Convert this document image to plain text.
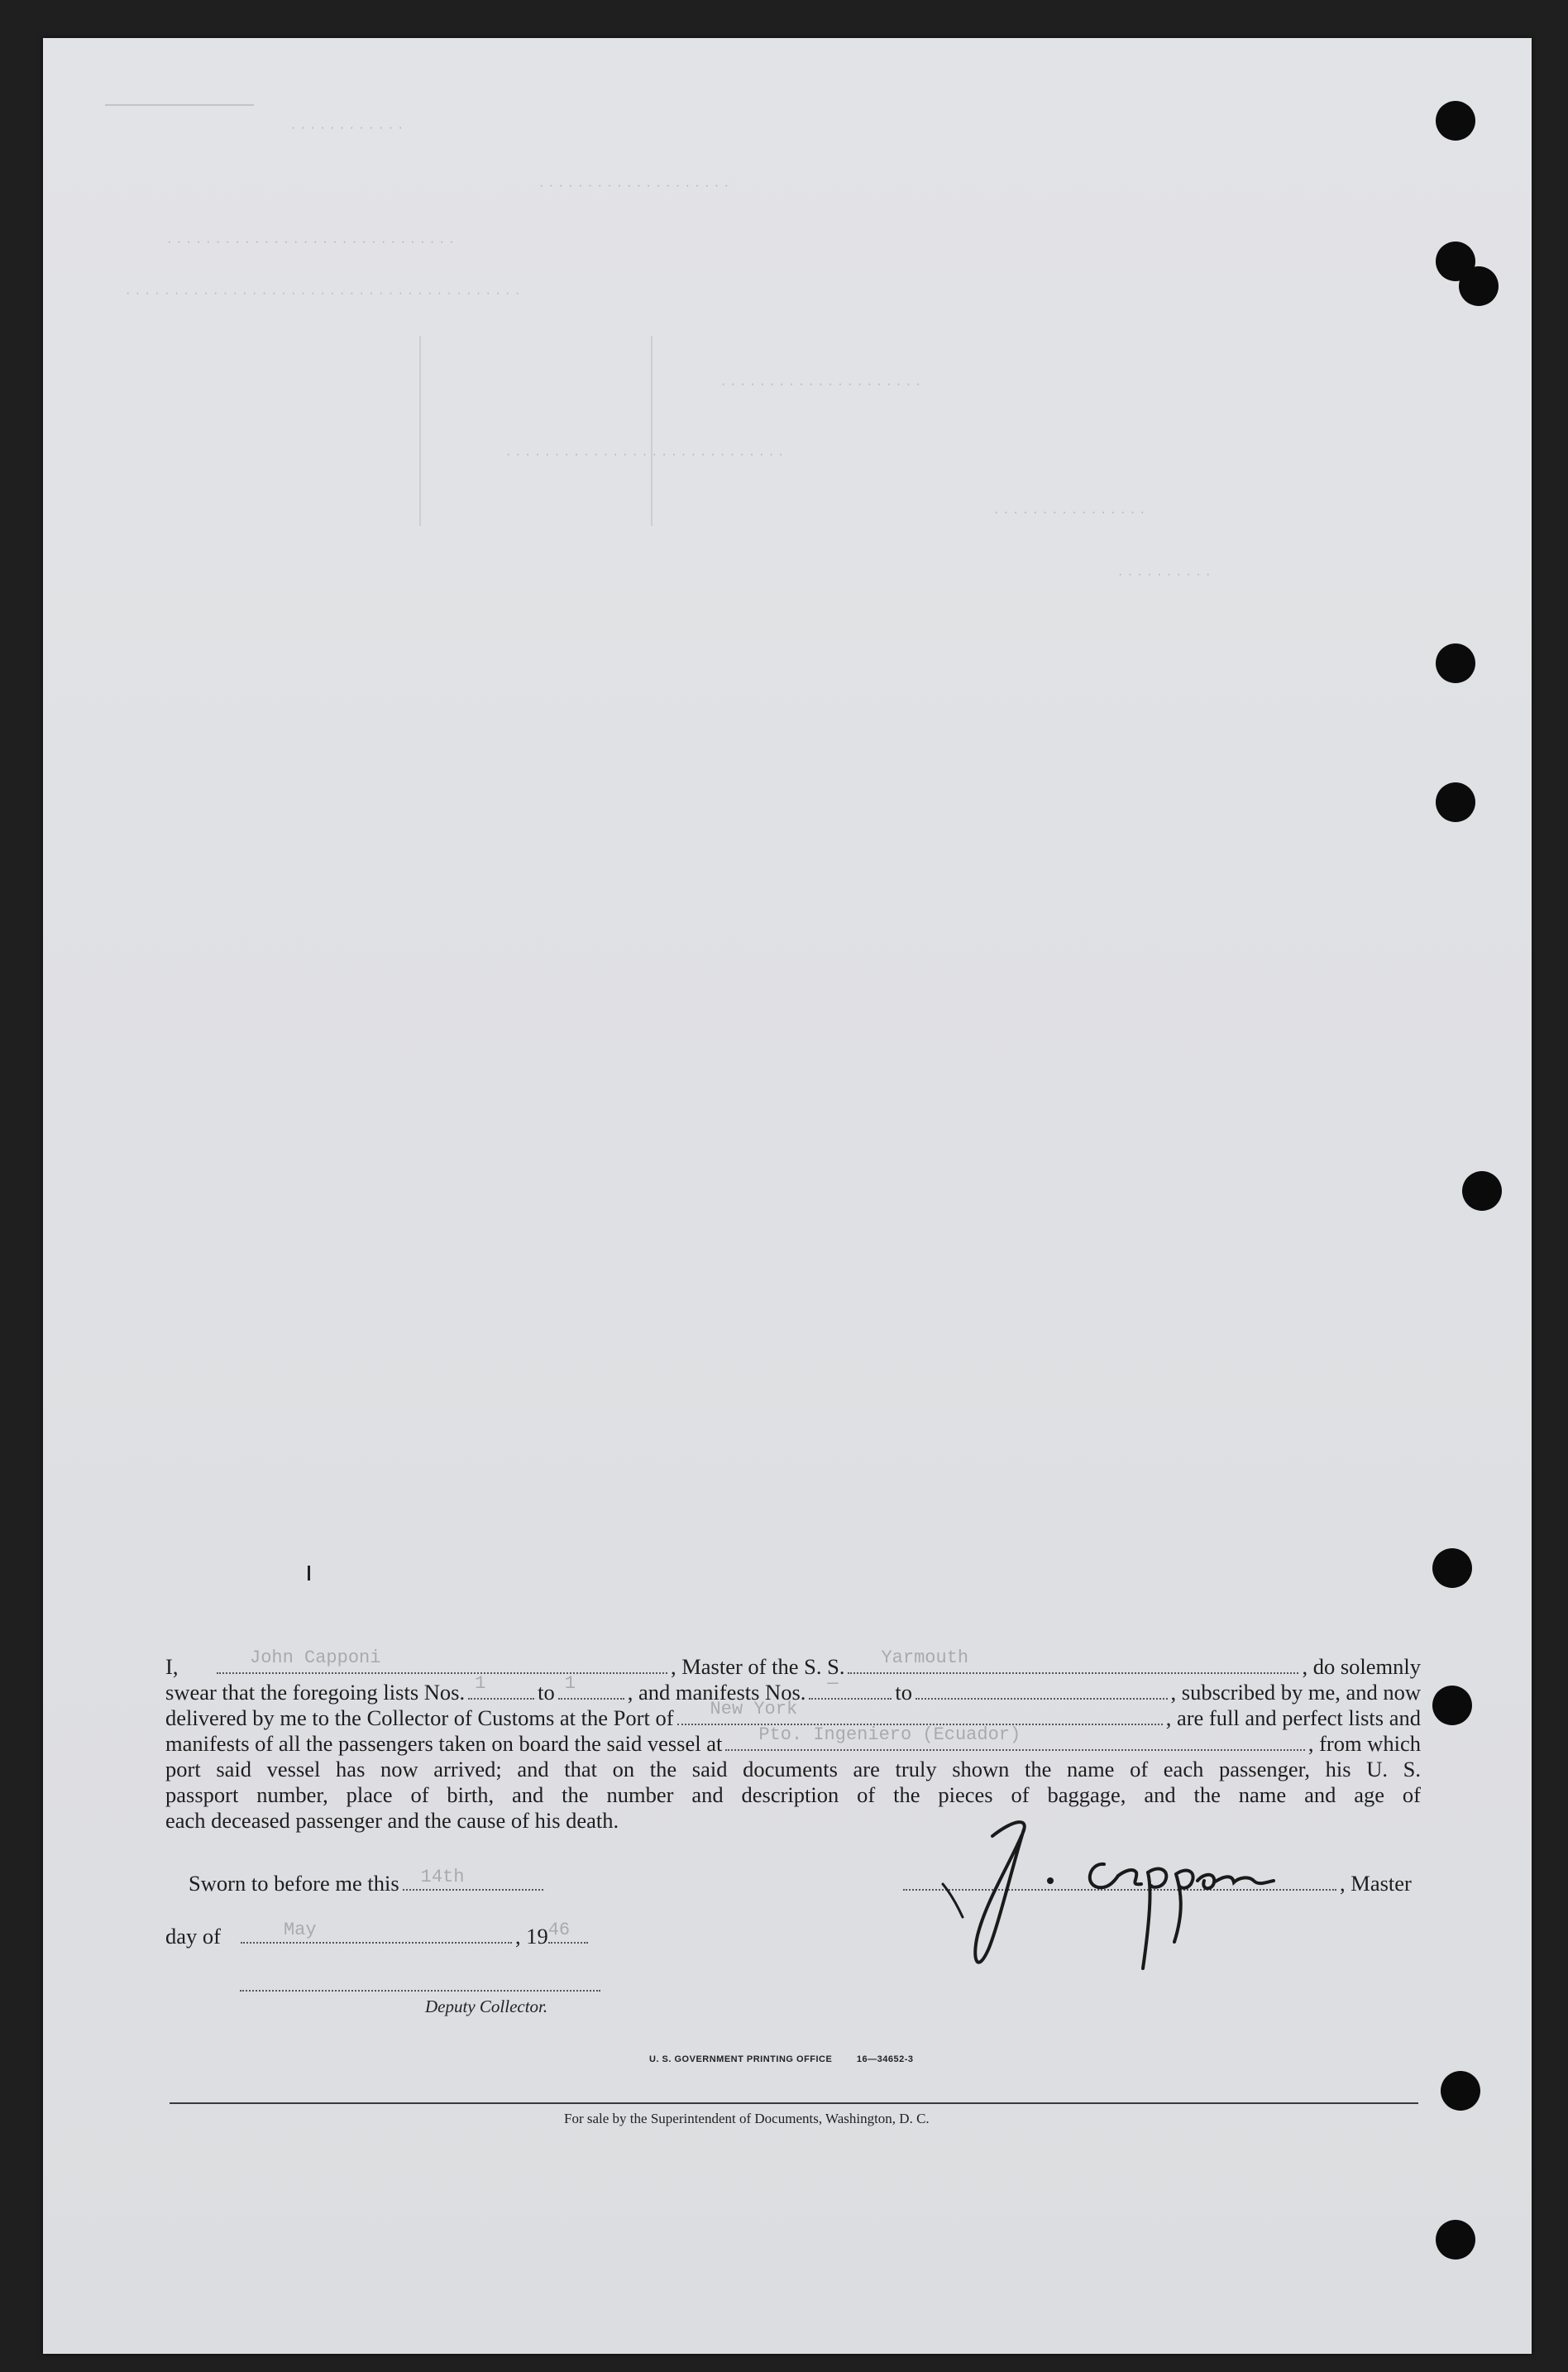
· · · · · · · · · · · ·
· · · · · · · · · · · · · · · · · · · ·
· · · · · · · · · · · · · · · · · · · · · · · · · · · · · ·
· · · · · · · · · · · · · · · · · · · · · · · · · · · · · · · · · · · · · · · · ·
· · · · · · · · · · · · · · · · · · · · ·
· · · · · · · · · · · · · · · · · · · · · · · · · · · · ·
· · · · · · · · · · · · · · · ·
· · · · · · · · · ·
I,	John Capponi	, Master of the S. S. Yarmouth	, do solemnly
swear that the foregoing lists Nos. 1 to 1 , and manifests Nos. —	to	, subscribed by me, and now
delivered by me to the Collector of Customs at the Port of New York	, are full and perfect lists and
manifests of all the passengers taken on board the said vessel at Pto. Ingeniero (Ecuador)	, from which
port said vessel has now arrived; and that on the said documents are truly shown the name of each passenger, his U. S.
passport number, place of birth, and the number and description of the pieces of baggage, and the name and age of
each deceased passenger and the cause of his death.
Sworn to before me this 14th
day of	May	, 19 46
Deputy Collector.
, Master
U. S. GOVERNMENT PRINTING OFFICE	16—34652-3
For sale by the Superintendent of Documents, Washington, D. C.
